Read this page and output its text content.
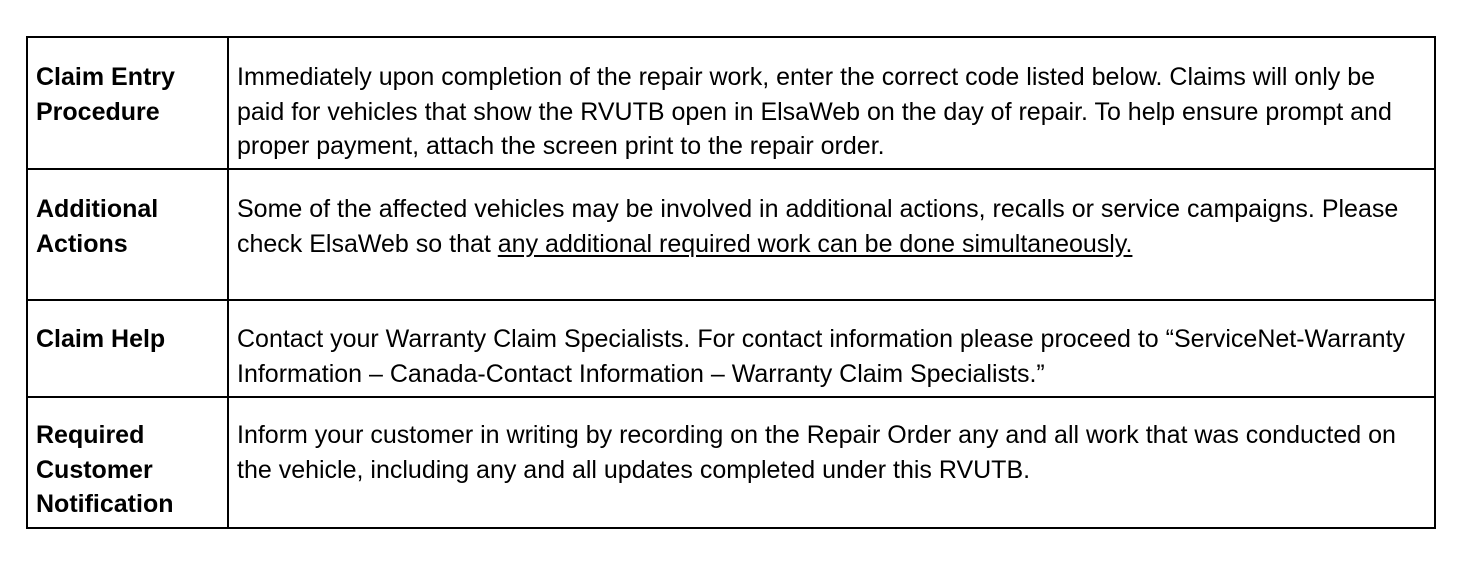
Claim Entry Procedure	Immediately upon completion of the repair work, enter the correct code listed below. Claims will only be paid for vehicles that show the RVUTB open in ElsaWeb on the day of repair. To help ensure prompt and proper payment, attach the screen print to the repair order.
Additional Actions	Some of the affected vehicles may be involved in additional actions, recalls or service campaigns. Please check ElsaWeb so that any additional required work can be done simultaneously.
Claim Help	Contact your Warranty Claim Specialists. For contact information please proceed to “ServiceNet-Warranty Information – Canada-Contact Information – Warranty Claim Specialists.”
Required Customer Notification	Inform your customer in writing by recording on the Repair Order any and all work that was conducted on the vehicle, including any and all updates completed under this RVUTB.
